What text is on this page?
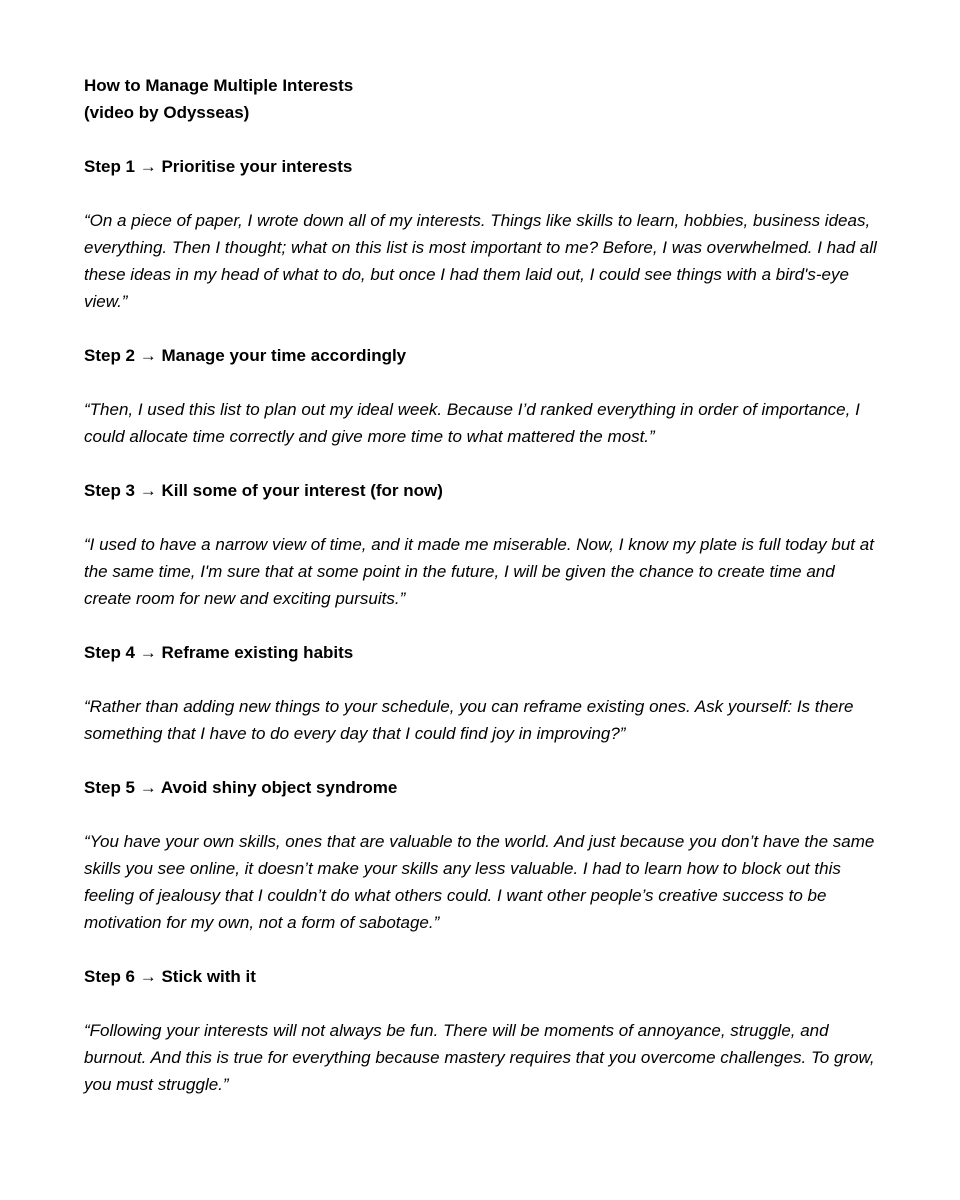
How to Manage Multiple Interests
(video by Odysseas)
Step 1 → Prioritise your interests

“On a piece of paper, I wrote down all of my interests. Things like skills to learn, hobbies, business ideas, everything. Then I thought; what on this list is most important to me? Before, I was overwhelmed. I had all these ideas in my head of what to do, but once I had them laid out, I could see things with a bird's-eye view.”

Step 2 → Manage your time accordingly

“Then, I used this list to plan out my ideal week. Because I’d ranked everything in order of importance, I could allocate time correctly and give more time to what mattered the most.”

Step 3 → Kill some of your interest (for now)

“I used to have a narrow view of time, and it made me miserable. Now, I know my plate is full today but at the same time, I'm sure that at some point in the future, I will be given the chance to create time and create room for new and exciting pursuits.”

Step 4 → Reframe existing habits

“Rather than adding new things to your schedule, you can reframe existing ones. Ask yourself: Is there something that I have to do every day that I could find joy in improving?”

Step 5 → Avoid shiny object syndrome

“You have your own skills, ones that are valuable to the world. And just because you don’t have the same skills you see online, it doesn’t make your skills any less valuable. I had to learn how to block out this feeling of jealousy that I couldn’t do what others could. I want other people’s creative success to be motivation for my own, not a form of sabotage.”

Step 6 → Stick with it

“Following your interests will not always be fun. There will be moments of annoyance, struggle, and burnout. And this is true for everything because mastery requires that you overcome challenges. To grow, you must struggle.”
